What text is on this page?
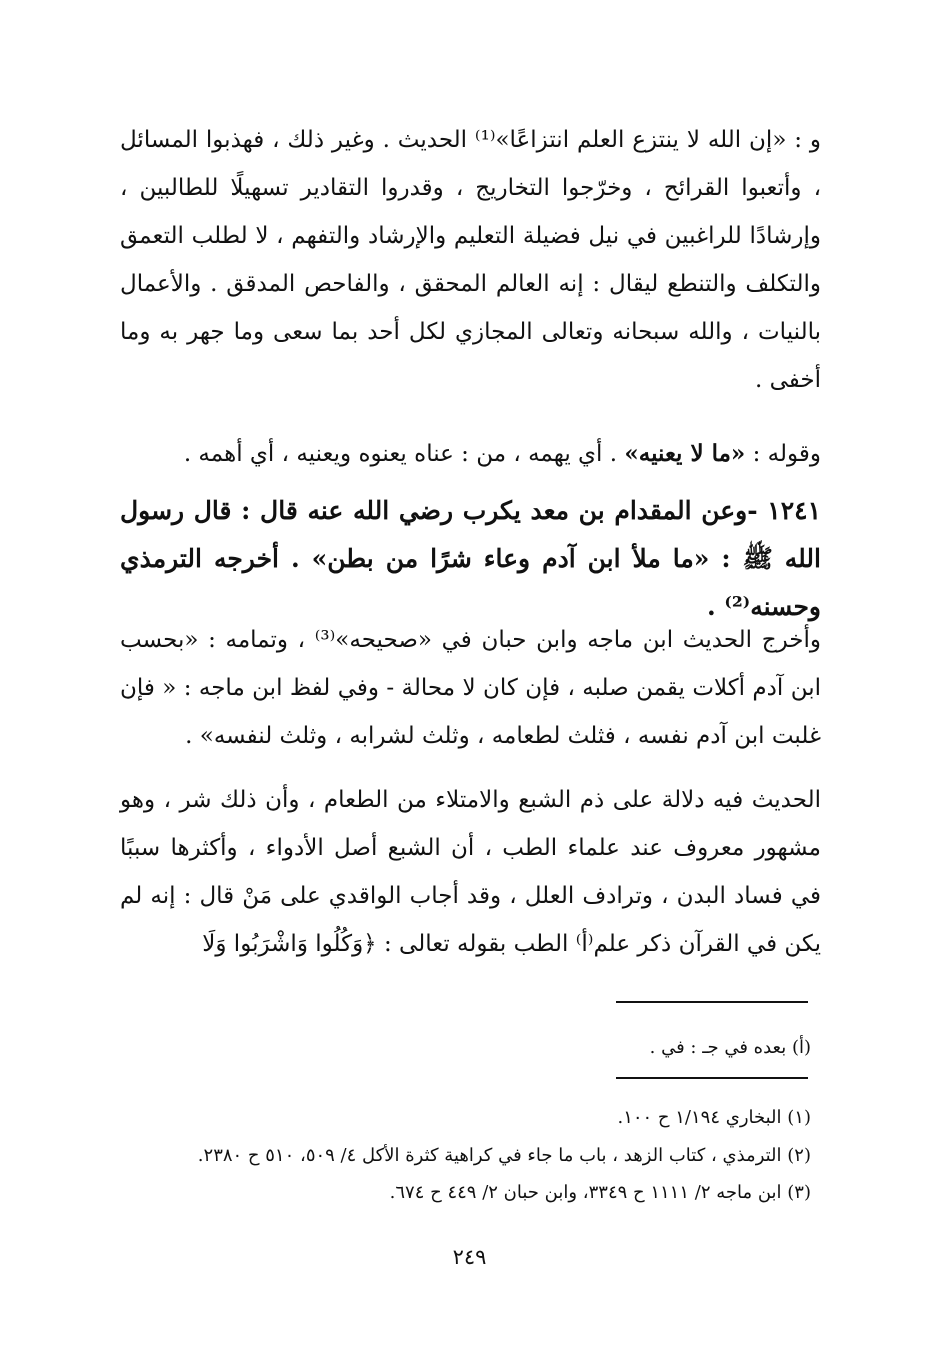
و : «إن الله لا ينتزع العلم انتزاعًا»⁽¹⁾ الحديث . وغير ذلك ، فهذبوا المسائل ، وأتعبوا القرائح ، وخرّجوا التخاريج ، وقدروا التقادير تسهيلًا للطالبين ، وإرشادًا للراغبين في نيل فضيلة التعليم والإرشاد والتفهم ، لا لطلب التعمق والتكلف والتنطع ليقال : إنه العالم المحقق ، والفاحص المدقق . والأعمال بالنيات ، والله سبحانه وتعالى المجازي لكل أحد بما سعى وما جهر به وما أخفى .
وقوله : «ما لا يعنيه» . أي يهمه ، من : عناه يعنوه ويعنيه ، أي أهمه .
١٢٤١ -وعن المقدام بن معد يكرب رضي الله عنه قال : قال رسول الله ﷺ : «ما ملأ ابن آدم وعاء شرًا من بطن» . أخرجه الترمذي وحسنه⁽²⁾ .
وأخرج الحديث ابن ماجه وابن حبان في «صحيحه»⁽³⁾ ، وتمامه : «بحسب ابن آدم أكلات يقمن صلبه ، فإن كان لا محالة - وفي لفظ ابن ماجه : « فإن غلبت ابن آدم نفسه ، فثلث لطعامه ، وثلث لشرابه ، وثلث لنفسه» .
الحديث فيه دلالة على ذم الشبع والامتلاء من الطعام ، وأن ذلك شر ، وهو مشهور معروف عند علماء الطب ، أن الشبع أصل الأدواء ، وأكثرها سببًا في فساد البدن ، وترادف العلل ، وقد أجاب الواقدي على مَنْ قال : إنه لم يكن في القرآن ذكر علم⁽أ⁾ الطب بقوله تعالى : ﴿وَكُلُوا وَاشْرَبُوا وَلَا
(أ) بعده في جـ : في .
(١) البخاري ١/١٩٤ ح ١٠٠.
(٢) الترمذي ، كتاب الزهد ، باب ما جاء في كراهية كثرة الأكل ٤/ ٥٠٩، ٥١٠ ح ٢٣٨٠.
(٣) ابن ماجه ٢/ ١١١١ ح ٣٣٤٩، وابن حبان ٢/ ٤٤٩ ح ٦٧٤.
٢٤٩
